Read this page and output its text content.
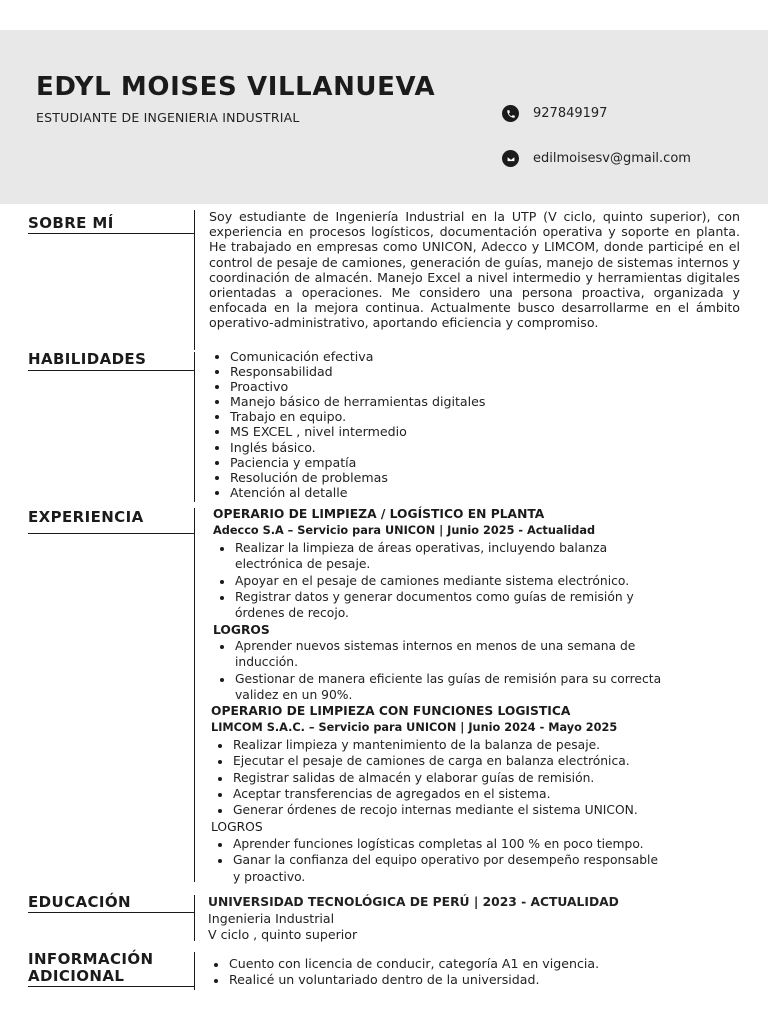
EDYL MOISES VILLANUEVA
ESTUDIANTE DE INGENIERIA INDUSTRIAL	927849197
edilmoisesv@gmail.com
SOBRE MÍ
HABILIDADES
EXPERIENCIA
EDUCACIÓN
INFORMACIÓN
ADICIONAL

Soy estudiante de Ingeniería Industrial en la UTP (V ciclo, quinto superior), con experiencia en procesos logísticos, documentación operativa y soporte en planta. He trabajado en empresas como UNICON, Adecco y LIMCOM, donde participé en el control de pesaje de camiones, generación de guías, manejo de sistemas internos y coordinación de almacén. Manejo Excel a nivel intermedio y herramientas digitales orientadas a operaciones. Me considero una persona proactiva, organizada y enfocada en la mejora continua. Actualmente busco desarrollarme en el ámbito operativo-administrativo, aportando eficiencia y compromiso.

Comunicación efectiva
Responsabilidad
Proactivo
Manejo básico de herramientas digitales
Trabajo en equipo.
MS EXCEL , nivel intermedio
Inglés básico.
Paciencia y empatía
Resolución de problemas
Atención al detalle
OPERARIO DE LIMPIEZA / LOGÍSTICO EN PLANTA
Adecco S.A – Servicio para UNICON | Junio 2025 - Actualidad
Realizar la limpieza de áreas operativas, incluyendo balanza
electrónica de pesaje.
Apoyar en el pesaje de camiones mediante sistema electrónico.
Registrar datos y generar documentos como guías de remisión y
órdenes de recojo.
LOGROS
Aprender nuevos sistemas internos en menos de una semana de
inducción.
Gestionar de manera eficiente las guías de remisión para su correcta
validez en un 90%.
OPERARIO DE LIMPIEZA CON FUNCIONES LOGISTICA
LIMCOM S.A.C. – Servicio para UNICON | Junio 2024 - Mayo 2025
Realizar limpieza y mantenimiento de la balanza de pesaje.
Ejecutar el pesaje de camiones de carga en balanza electrónica.
Registrar salidas de almacén y elaborar guías de remisión.
Aceptar transferencias de agregados en el sistema.
Generar órdenes de recojo internas mediante el sistema UNICON.
LOGROS
Aprender funciones logísticas completas al 100 % en poco tiempo.
Ganar la confianza del equipo operativo por desempeño responsable
y proactivo.
UNIVERSIDAD TECNOLÓGICA DE PERÚ | 2023 - ACTUALIDAD
Ingenieria Industrial
V ciclo , quinto superior
Cuento con licencia de conducir, categoría A1 en vigencia.
Realicé un voluntariado dentro de la universidad.
